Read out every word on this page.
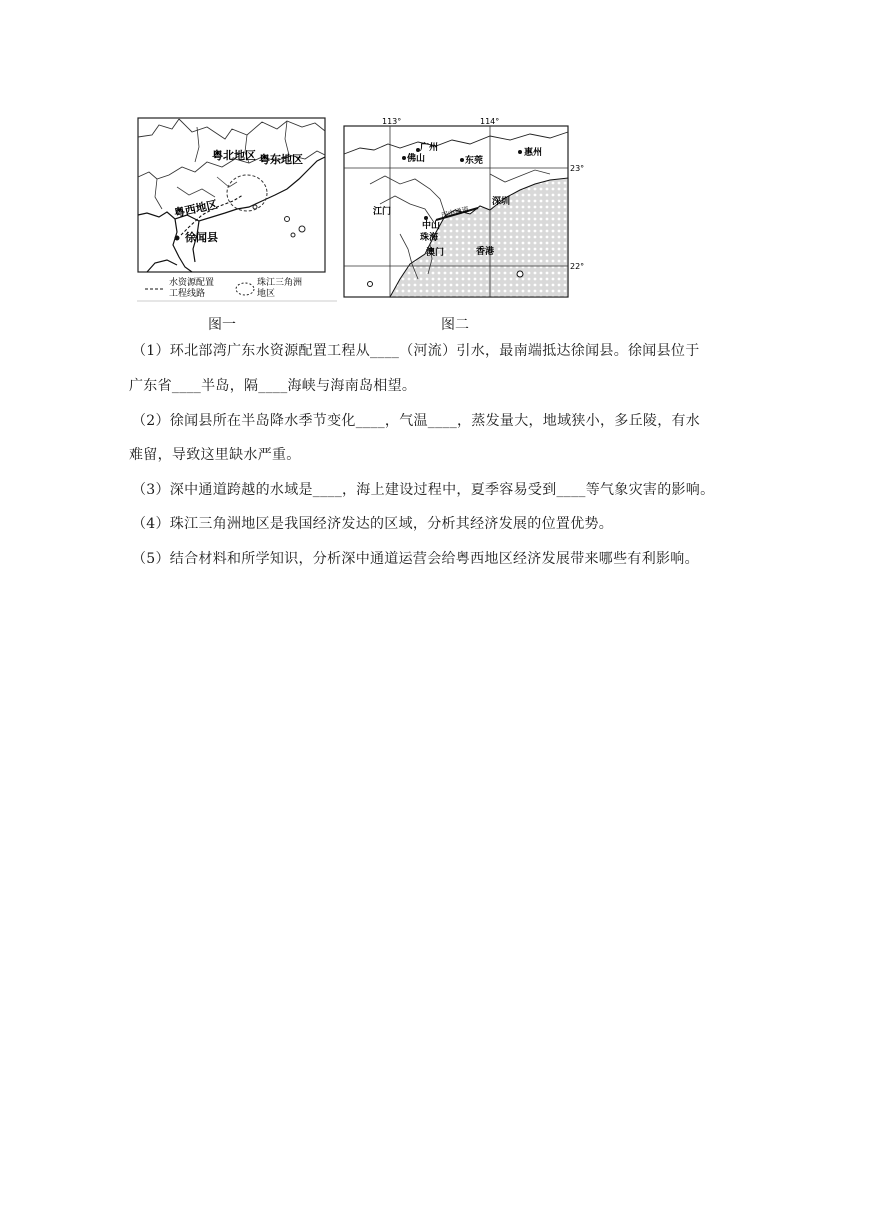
粤北地区 粤东地区
粤西地区
徐闻县
水资源配置
工程线路
珠江三角洲
地区
113°	114°
23°
22°
广州
佛山	东莞
惠州
深圳
江门
中山
珠海
澳门	香港
深中通道
图一	图二
（1）环北部湾广东水资源配置工程从____（河流）引水，最南端抵达徐闻县。徐闻县位于
广东省____半岛，隔____海峡与海南岛相望。
（2）徐闻县所在半岛降水季节变化____，气温____，蒸发量大，地域狭小，多丘陵，有水
难留，导致这里缺水严重。
（3）深中通道跨越的水域是____，海上建设过程中，夏季容易受到____等气象灾害的影响。
（4）珠江三角洲地区是我国经济发达的区域，分析其经济发展的位置优势。
（5）结合材料和所学知识，分析深中通道运营会给粤西地区经济发展带来哪些有利影响。
